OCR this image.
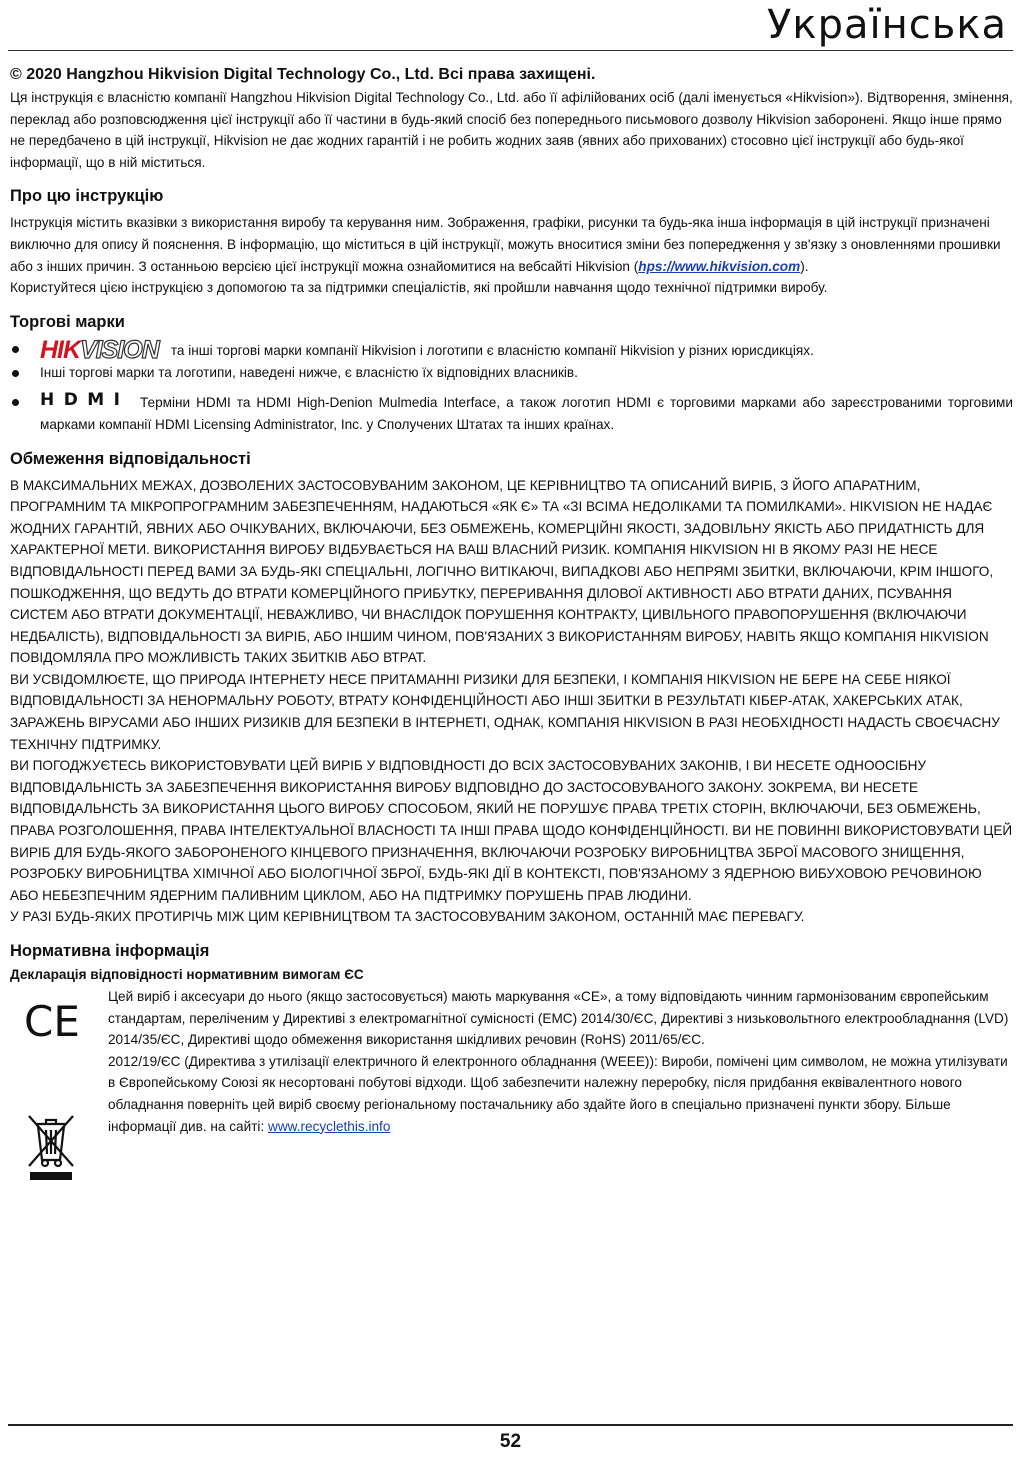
Українська
© 2020 Hangzhou Hikvision Digital Technology Co., Ltd. Всі права захищені.

Ця інструкція є власністю компанії Hangzhou Hikvision Digital Technology Co., Ltd. або її афілійованих осіб (далі іменується «Hikvision»). Відтворення, змінення, переклад або розповсюдження цієї інструкції або її частини в будь-який спосіб без попереднього письмового дозволу Hikvision заборонені. Якщо інше прямо не передбачено в цій інструкції, Hikvision не дає жодних гарантій і не робить жодних заяв (явних або прихованих) стосовно цієї інструкції або будь-якої інформації, що в ній міститься.

Про цю інструкцію

Інструкція містить вказівки з використання виробу та керування ним. Зображення, графіки, рисунки та будь-яка інша інформація в цій інструкції призначені виключно для опису й пояснення. В інформацію, що міститься в цій інструкції, можуть вноситися зміни без попередження у зв'язку з оновленнями прошивки або з інших причин. З останньою версією цієї інструкції можна ознайомитися на вебсайті Hikvision (hps://www.hikvision.com).

Користуйтеся цією інструкцією з допомогою та за підтримки спеціалістів, які пройшли навчання щодо технічної підтримки виробу.

Торгові марки
HIKVISION та інші торгові марки компанії Hikvision і логотипи є власністю компанії Hikvision у різних юрисдикціях.
Інші торгові марки та логотипи, наведені нижче, є власністю їх відповідних власників.
HDMI Терміни HDMI та HDMI High-Denion Mulmedia Interface, а також логотип HDMI є торговими марками або зареєстрованими торговими марками компанії HDMI Licensing Administrator, Inc. у Сполучених Штатах та інших країнах.
Обмеження відповідальності

В МАКСИМАЛЬНИХ МЕЖАХ, ДОЗВОЛЕНИХ ЗАСТОСОВУВАНИМ ЗАКОНОМ, ЦЕ КЕРІВНИЦТВО ТА ОПИСАНИЙ ВИРІБ, З ЙОГО АПАРАТНИМ, ПРОГРАМНИМ ТА МІКРОПРОГРАМНИМ ЗАБЕЗПЕЧЕННЯМ, НАДАЮТЬСЯ «ЯК Є» ТА «ЗІ ВСІМА НЕДОЛІКАМИ ТА ПОМИЛКАМИ». HIKVISION НЕ НАДАЄ ЖОДНИХ ГАРАНТІЙ, ЯВНИХ АБО ОЧІКУВАНИХ, ВКЛЮЧАЮЧИ, БЕЗ ОБМЕЖЕНЬ, КОМЕРЦІЙНІ ЯКОСТІ, ЗАДОВІЛЬНУ ЯКІСТЬ АБО ПРИДАТНІСТЬ ДЛЯ ХАРАКТЕРНОЇ МЕТИ. ВИКОРИСТАННЯ ВИРОБУ ВІДБУВАЄТЬСЯ НА ВАШ ВЛАСНИЙ РИЗИК. КОМПАНІЯ HIKVISION НІ В ЯКОМУ РАЗІ НЕ НЕСЕ ВІДПОВІДАЛЬНОСТІ ПЕРЕД ВАМИ ЗА БУДЬ-ЯКІ СПЕЦІАЛЬНІ, ЛОГІЧНО ВИТІКАЮЧІ, ВИПАДКОВІ АБО НЕПРЯМІ ЗБИТКИ, ВКЛЮЧАЮЧИ, КРІМ ІНШОГО, ПОШКОДЖЕННЯ, ЩО ВЕДУТЬ ДО ВТРАТИ КОМЕРЦІЙНОГО ПРИБУТКУ, ПЕРЕРИВАННЯ ДІЛОВОЇ АКТИВНОСТІ АБО ВТРАТИ ДАНИХ, ПСУВАННЯ СИСТЕМ АБО ВТРАТИ ДОКУМЕНТАЦІЇ, НЕВАЖЛИВО, ЧИ ВНАСЛІДОК ПОРУШЕННЯ КОНТРАКТУ, ЦИВІЛЬНОГО ПРАВОПОРУШЕННЯ (ВКЛЮЧАЮЧИ НЕДБАЛІСТЬ), ВІДПОВІДАЛЬНОСТІ ЗА ВИРІБ, АБО ІНШИМ ЧИНОМ, ПОВ'ЯЗАНИХ З ВИКОРИСТАННЯМ ВИРОБУ, НАВІТЬ ЯКЩО КОМПАНІЯ HIKVISION ПОВІДОМЛЯЛА ПРО МОЖЛИВІСТЬ ТАКИХ ЗБИТКІВ АБО ВТРАТ.

ВИ УСВІДОМЛЮЄТЕ, ЩО ПРИРОДА ІНТЕРНЕТУ НЕСЕ ПРИТАМАННІ РИЗИКИ ДЛЯ БЕЗПЕКИ, І КОМПАНІЯ HIKVISION НЕ БЕРЕ НА СЕБЕ НІЯКОЇ ВІДПОВІДАЛЬНОСТІ ЗА НЕНОРМАЛЬНУ РОБОТУ, ВТРАТУ КОНФІДЕНЦІЙНОСТІ АБО ІНШІ ЗБИТКИ В РЕЗУЛЬТАТІ КІБЕР-АТАК, ХАКЕРСЬКИХ АТАК, ЗАРАЖЕНЬ ВІРУСАМИ АБО ІНШИХ РИЗИКІВ ДЛЯ БЕЗПЕКИ В ІНТЕРНЕТІ, ОДНАК, КОМПАНІЯ HIKVISION В РАЗІ НЕОБХІДНОСТІ НАДАСТЬ СВОЄЧАСНУ ТЕХНІЧНУ ПІДТРИМКУ.

ВИ ПОГОДЖУЄТЕСЬ ВИКОРИСТОВУВАТИ ЦЕЙ ВИРІБ У ВІДПОВІДНОСТІ ДО ВСІХ ЗАСТОСОВУВАНИХ ЗАКОНІВ, І ВИ НЕСЕТЕ ОДНООСІБНУ ВІДПОВІДАЛЬНІСТЬ ЗА ЗАБЕЗПЕЧЕННЯ ВИКОРИСТАННЯ ВИРОБУ ВІДПОВІДНО ДО ЗАСТОСОВУВАНОГО ЗАКОНУ. ЗОКРЕМА, ВИ НЕСЕТЕ ВІДПОВІДАЛЬНСТЬ ЗА ВИКОРИСТАННЯ ЦЬОГО ВИРОБУ СПОСОБОМ, ЯКИЙ НЕ ПОРУШУЄ ПРАВА ТРЕТІХ СТОРІН, ВКЛЮЧАЮЧИ, БЕЗ ОБМЕЖЕНЬ, ПРАВА РОЗГОЛОШЕННЯ, ПРАВА ІНТЕЛЕКТУАЛЬНОЇ ВЛАСНОСТІ ТА ІНШІ ПРАВА ЩОДО КОНФІДЕНЦІЙНОСТІ. ВИ НЕ ПОВИННІ ВИКОРИСТОВУВАТИ ЦЕЙ ВИРІБ ДЛЯ БУДЬ-ЯКОГО ЗАБОРОНЕНОГО КІНЦЕВОГО ПРИЗНАЧЕННЯ, ВКЛЮЧАЮЧИ РОЗРОБКУ ВИРОБНИЦТВА ЗБРОЇ МАСОВОГО ЗНИЩЕННЯ, РОЗРОБКУ ВИРОБНИЦТВА ХІМІЧНОЇ АБО БІОЛОГІЧНОЇ ЗБРОЇ, БУДЬ-ЯКІ ДІЇ В КОНТЕКСТІ, ПОВ'ЯЗАНОМУ З ЯДЕРНОЮ ВИБУХОВОЮ РЕЧОВИНОЮ АБО НЕБЕЗПЕЧНИМ ЯДЕРНИМ ПАЛИВНИМ ЦИКЛОМ, АБО НА ПІДТРИМКУ ПОРУШЕНЬ ПРАВ ЛЮДИНИ.

У РАЗІ БУДЬ-ЯКИХ ПРОТИРІЧЬ МІЖ ЦИМ КЕРІВНИЦТВОМ ТА ЗАСТОСОВУВАНИМ ЗАКОНОМ, ОСТАННІЙ МАЄ ПЕРЕВАГУ.

Нормативна інформація
Декларація відповідності нормативним вимогам ЄС
CE

Цей виріб і аксесуари до нього (якщо застосовується) мають маркування «CE», а тому відповідають чинним гармонізованим європейським стандартам, переліченим у Директиві з електромагнітної сумісності (EMC) 2014/30/ЄС, Директиві з низьковольтного електрообладнання (LVD) 2014/35/ЄС, Директиві щодо обмеження використання шкідливих речовин (RoHS) 2011/65/ЄС.

2012/19/ЄС (Директива з утилізації електричного й електронного обладнання (WEEE)): Вироби, помічені цим символом, не можна утилізувати в Європейському Союзі як несортовані побутові відходи. Щоб забезпечити належну переробку, після придбання еквівалентного нового обладнання поверніть цей виріб своєму регіональному постачальнику або здайте його в спеціально призначені пункти збору. Більше інформації див. на сайті: www.recyclethis.info

52
